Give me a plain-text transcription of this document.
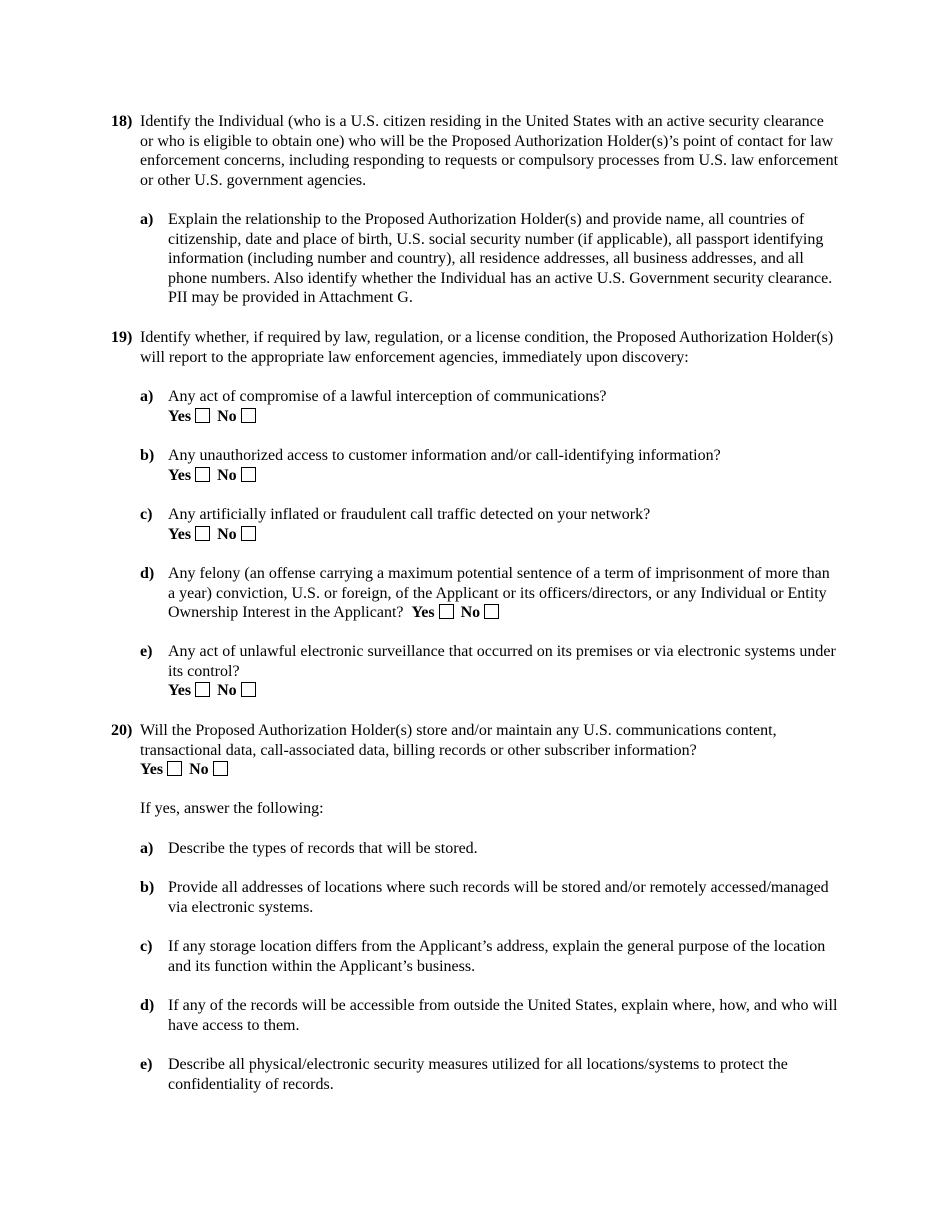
18) Identify the Individual (who is a U.S. citizen residing in the United States with an active security clearance or who is eligible to obtain one) who will be the Proposed Authorization Holder(s)’s point of contact for law enforcement concerns, including responding to requests or compulsory processes from U.S. law enforcement or other U.S. government agencies.
a) Explain the relationship to the Proposed Authorization Holder(s) and provide name, all countries of citizenship, date and place of birth, U.S. social security number (if applicable), all passport identifying information (including number and country), all residence addresses, all business addresses, and all phone numbers. Also identify whether the Individual has an active U.S. Government security clearance. PII may be provided in Attachment G.
19) Identify whether, if required by law, regulation, or a license condition, the Proposed Authorization Holder(s) will report to the appropriate law enforcement agencies, immediately upon discovery:
a) Any act of compromise of a lawful interception of communications?
Yes No
b) Any unauthorized access to customer information and/or call-identifying information?
Yes No
c) Any artificially inflated or fraudulent call traffic detected on your network?
Yes No
d) Any felony (an offense carrying a maximum potential sentence of a term of imprisonment of more than a year) conviction, U.S. or foreign, of the Applicant or its officers/directors, or any Individual or Entity Ownership Interest in the Applicant? Yes No
e) Any act of unlawful electronic surveillance that occurred on its premises or via electronic systems under its control?
Yes No
20) Will the Proposed Authorization Holder(s) store and/or maintain any U.S. communications content, transactional data, call-associated data, billing records or other subscriber information?
Yes No
If yes, answer the following:
a) Describe the types of records that will be stored.
b) Provide all addresses of locations where such records will be stored and/or remotely accessed/managed via electronic systems.
c) If any storage location differs from the Applicant’s address, explain the general purpose of the location and its function within the Applicant’s business.
d) If any of the records will be accessible from outside the United States, explain where, how, and who will have access to them.
e) Describe all physical/electronic security measures utilized for all locations/systems to protect the confidentiality of records.
